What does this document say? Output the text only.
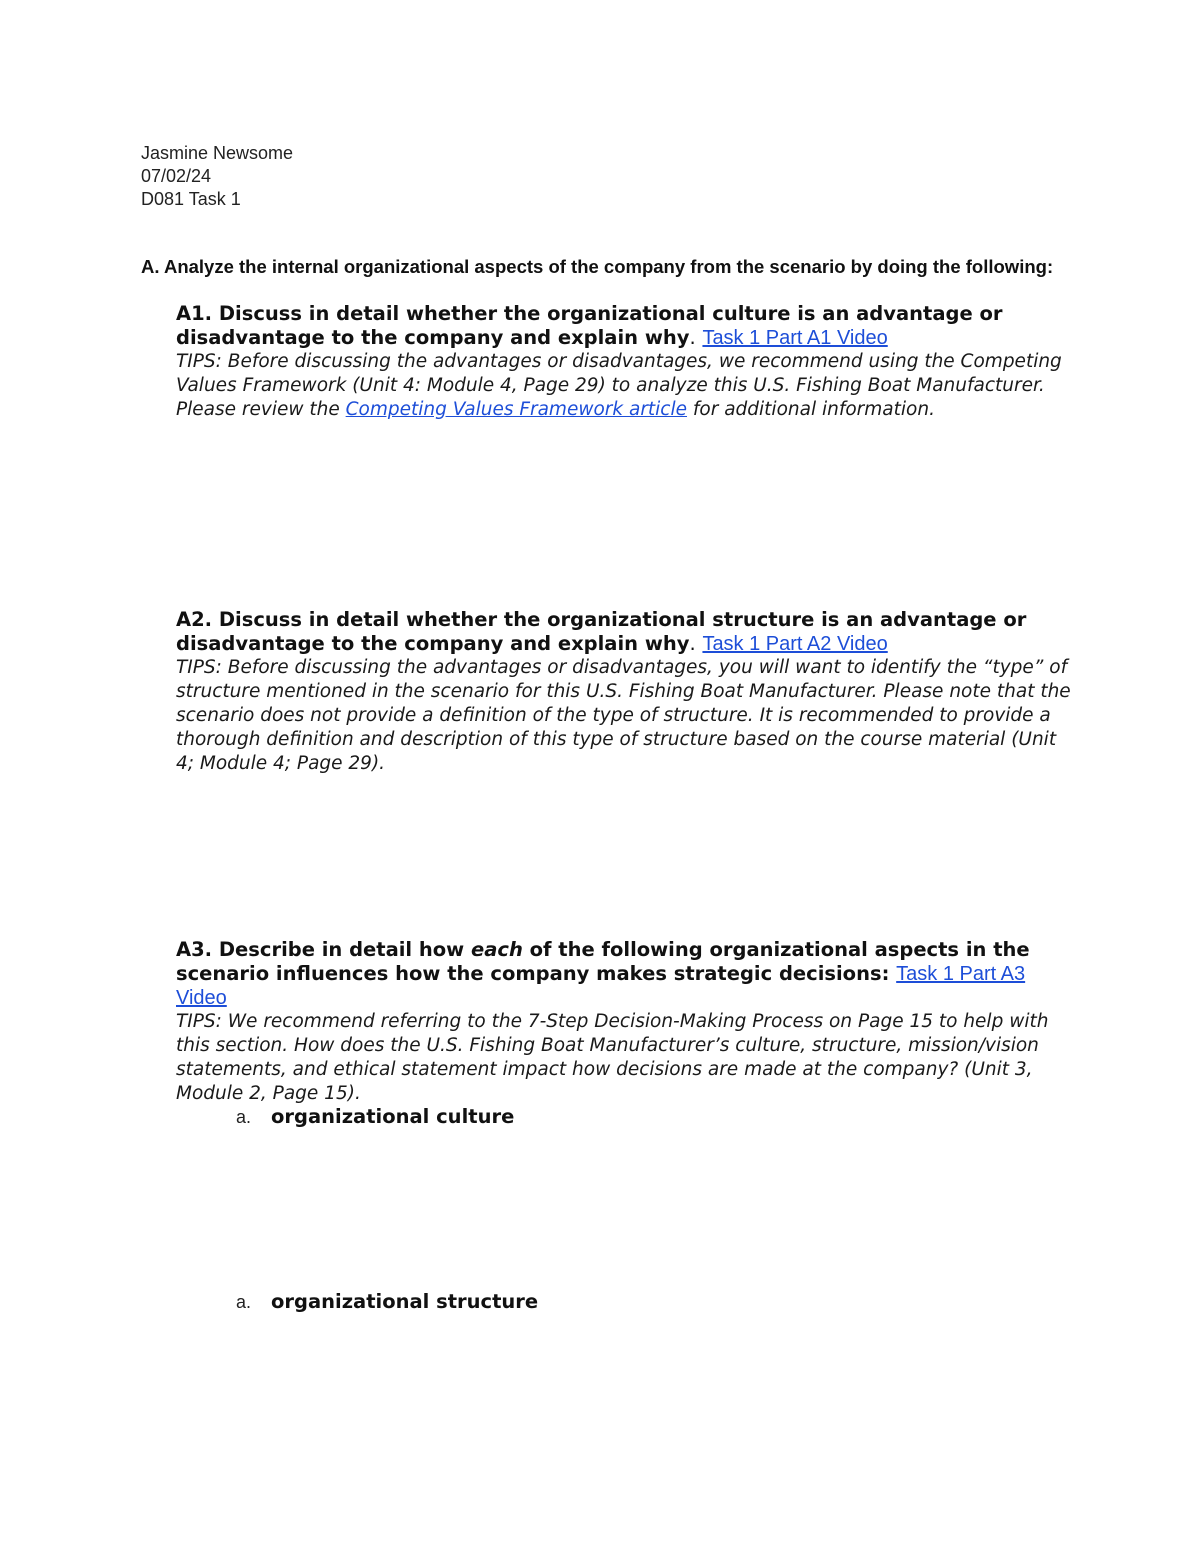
Jasmine Newsome
07/02/24
D081 Task 1
A. Analyze the internal organizational aspects of the company from the scenario by doing the following:
A1. Discuss in detail whether the organizational culture is an advantage or disadvantage to the company and explain why. Task 1 Part A1 Video
TIPS: Before discussing the advantages or disadvantages, we recommend using the Competing Values Framework (Unit 4: Module 4, Page 29) to analyze this U.S. Fishing Boat Manufacturer. Please review the Competing Values Framework article for additional information.
A2. Discuss in detail whether the organizational structure is an advantage or disadvantage to the company and explain why. Task 1 Part A2 Video
TIPS: Before discussing the advantages or disadvantages, you will want to identify the “type” of structure mentioned in the scenario for this U.S. Fishing Boat Manufacturer. Please note that the scenario does not provide a definition of the type of structure. It is recommended to provide a thorough definition and description of this type of structure based on the course material (Unit 4; Module 4; Page 29).
A3. Describe in detail how each of the following organizational aspects in the scenario influences how the company makes strategic decisions: Task 1 Part A3 Video
TIPS: We recommend referring to the 7-Step Decision-Making Process on Page 15 to help with this section. How does the U.S. Fishing Boat Manufacturer’s culture, structure, mission/vision statements, and ethical statement impact how decisions are made at the company? (Unit 3, Module 2, Page 15).
a. organizational culture
a. organizational structure
